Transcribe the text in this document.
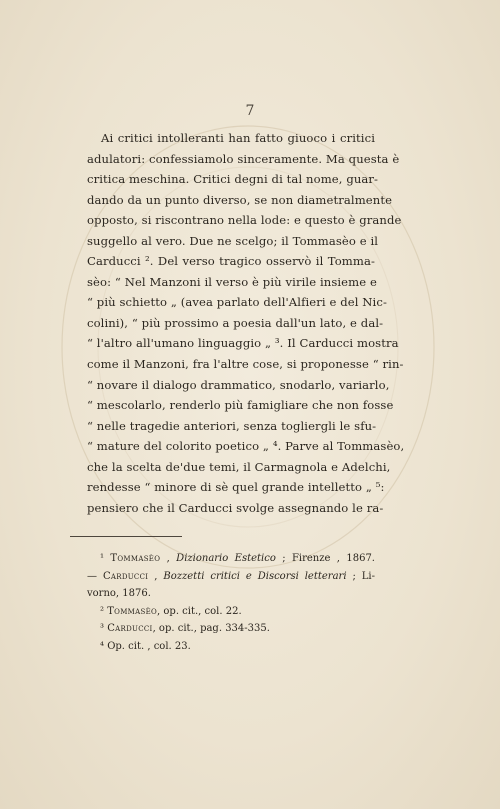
7
Ai critici intolleranti han fatto giuoco i critici
adulatori: confessiamolo sinceramente. Ma questa è
critica meschina. Critici degni di tal nome, guar-
dando da un punto diverso, se non diametralmente
opposto, si riscontrano nella lode: e questo è grande
suggello al vero. Due ne scelgo; il Tommasèo e il
Carducci ². Del verso tragico osservò il Tomma-
sèo: “ Nel Manzoni il verso è più virile insieme e
“ più schietto „ (avea parlato dell'Alfieri e del Nic-
colini), “ più prossimo a poesia dall'un lato, e dal-
“ l'altro all'umano linguaggio „ ³. Il Carducci mostra
come il Manzoni, fra l'altre cose, si proponesse “ rin-
“ novare il dialogo drammatico, snodarlo, variarlo,
“ mescolarlo, renderlo più famigliare che non fosse
“ nelle tragedie anteriori, senza togliergli le sfu-
“ mature del colorito poetico „ ⁴. Parve al Tommasèo,
che la scelta de'due temi, il Carmagnola e Adelchi,
rendesse “ minore di sè quel grande intelletto „ ⁵:
pensiero che il Carducci svolge assegnando le ra-
¹ Tommasèo , Dizionario Estetico ; Firenze , 1867.
— Carducci , Bozzetti critici e Discorsi letterari ; Li-
vorno, 1876.
² Tommasèo, op. cit., col. 22.
³ Carducci, op. cit., pag. 334-335.
⁴ Op. cit. , col. 23.
